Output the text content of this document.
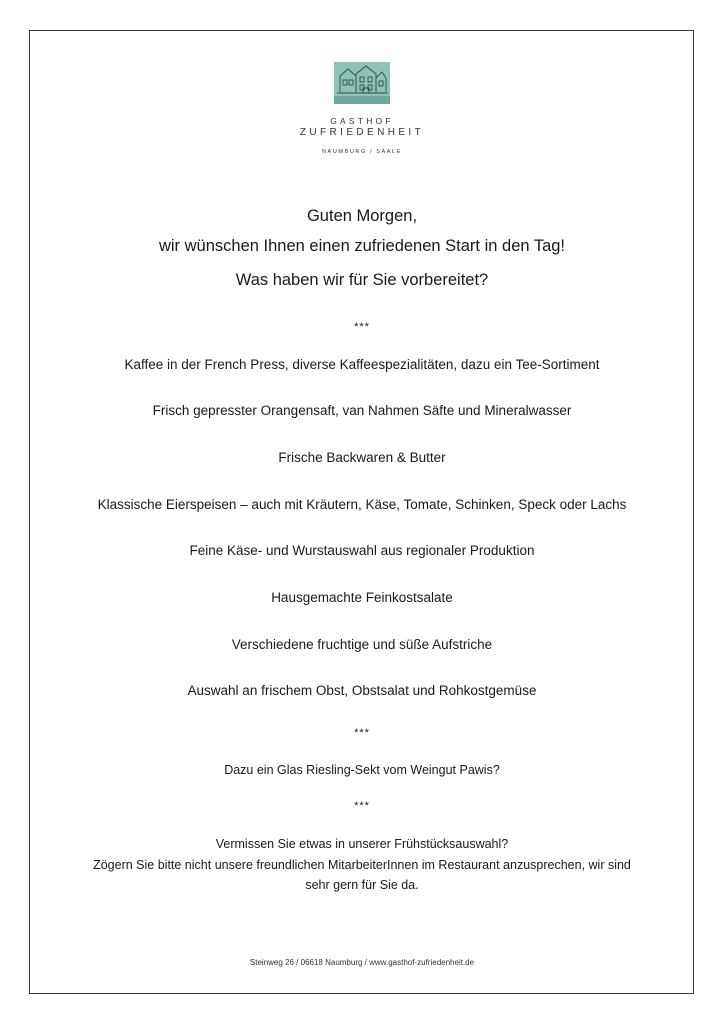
GASTHOF
ZUFRIEDENHEIT
NAUMBURG / SAALE
Guten Morgen,
wir wünschen Ihnen einen zufriedenen Start in den Tag!
Was haben wir für Sie vorbereitet?
***
Kaffee in der French Press, diverse Kaffeespezialitäten, dazu ein Tee-Sortiment
Frisch gepresster Orangensaft, van Nahmen Säfte und Mineralwasser
Frische Backwaren & Butter
Klassische Eierspeisen – auch mit Kräutern, Käse, Tomate, Schinken, Speck oder Lachs
Feine Käse- und Wurstauswahl aus regionaler Produktion
Hausgemachte Feinkostsalate
Verschiedene fruchtige und süße Aufstriche
Auswahl an frischem Obst, Obstsalat und Rohkostgemüse
***
Dazu ein Glas Riesling-Sekt vom Weingut Pawis?
***
Vermissen Sie etwas in unserer Frühstücksauswahl?
Zögern Sie bitte nicht unsere freundlichen MitarbeiterInnen im Restaurant anzusprechen, wir sind
sehr gern für Sie da.
Steinweg 26 / 06618 Naumburg / www.gasthof-zufriedenheit.de
